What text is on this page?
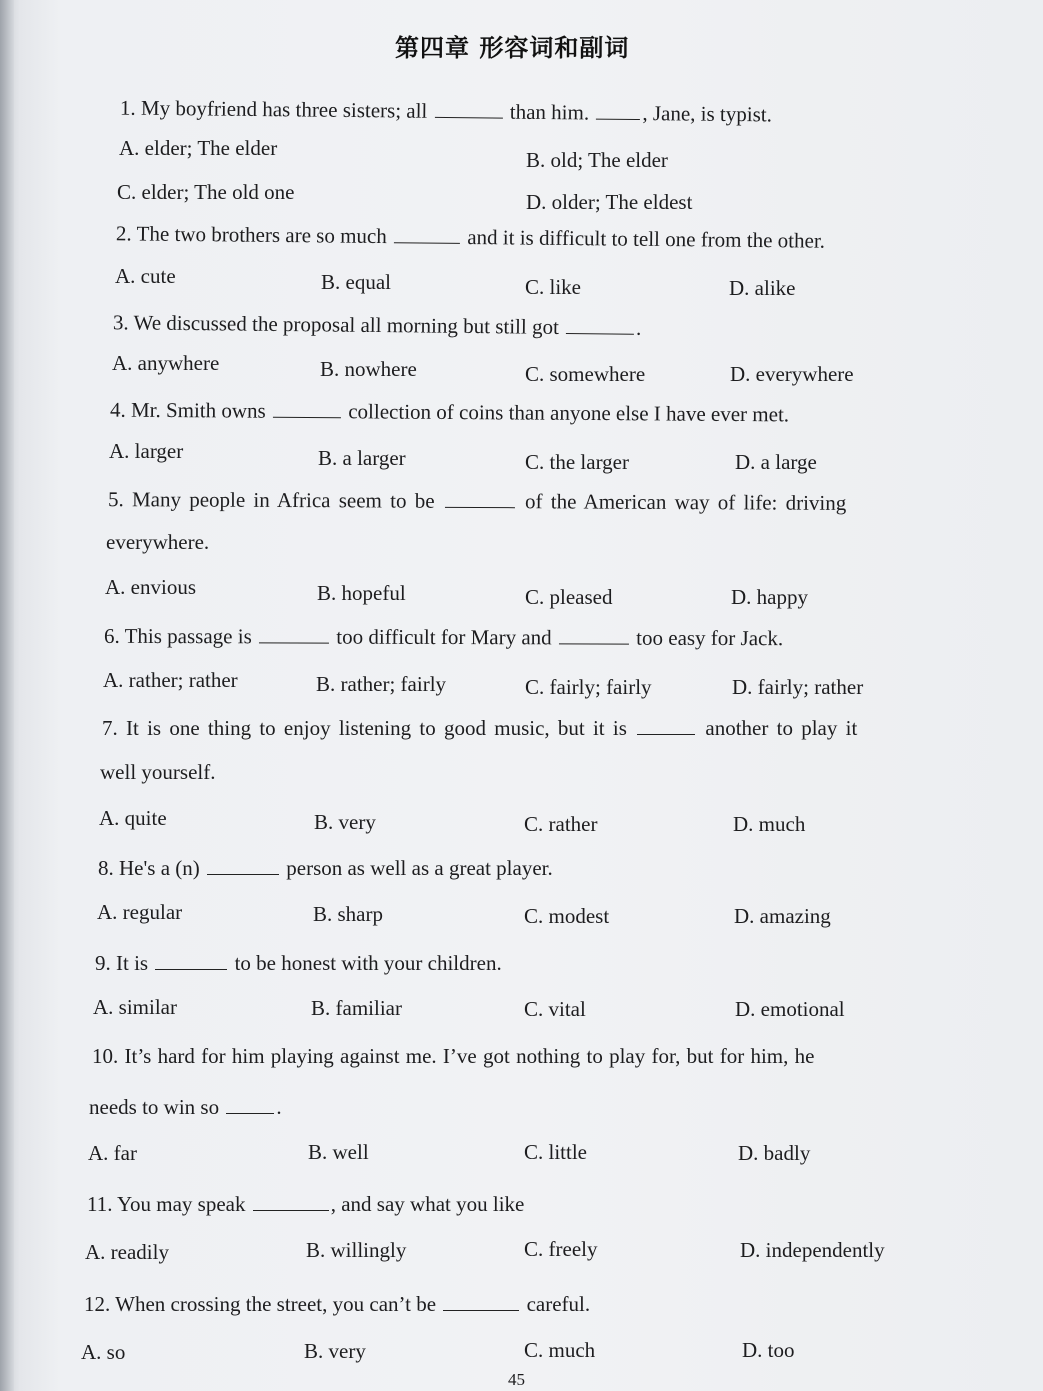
第四章 形容词和副词
1. My boyfriend has three sisters; all	than him.	, Jane, is typist.
A. elder; The elder	B. old; The elder
C. elder; The old one	D. older; The eldest
2. The two brothers are so much	and it is difficult to tell one from the other.
A. cute	B. equal	C. like	D. alike
3. We discussed the proposal all morning but still got	.
A. anywhere	B. nowhere	C. somewhere	D. everywhere
4. Mr. Smith owns	collection of coins than anyone else I have ever met.
A. larger	B. a larger	C. the larger	D. a large
5. Many people in Africa seem to be	of the American way of life: driving
everywhere.
A. envious	B. hopeful	C. pleased	D. happy
6. This passage is	too difficult for Mary and	too easy for Jack.
A. rather; rather	B. rather; fairly	C. fairly; fairly	D. fairly; rather
7. It is one thing to enjoy listening to good music, but it is	another to play it
well yourself.
A. quite	B. very	C. rather	D. much
8. He's a (n)	person as well as a great player.
A. regular	B. sharp	C. modest	D. amazing
9. It is	to be honest with your children.
A. similar	B. familiar	C. vital	D. emotional
10. It’s hard for him playing against me. I’ve got nothing to play for, but for him, he
needs to win so	.
A. far	B. well	C. little	D. badly
11. You may speak	, and say what you like
A. readily	B. willingly	C. freely	D. independently
12. When crossing the street, you can’t be	careful.
A. so	B. very	C. much	D. too
45
